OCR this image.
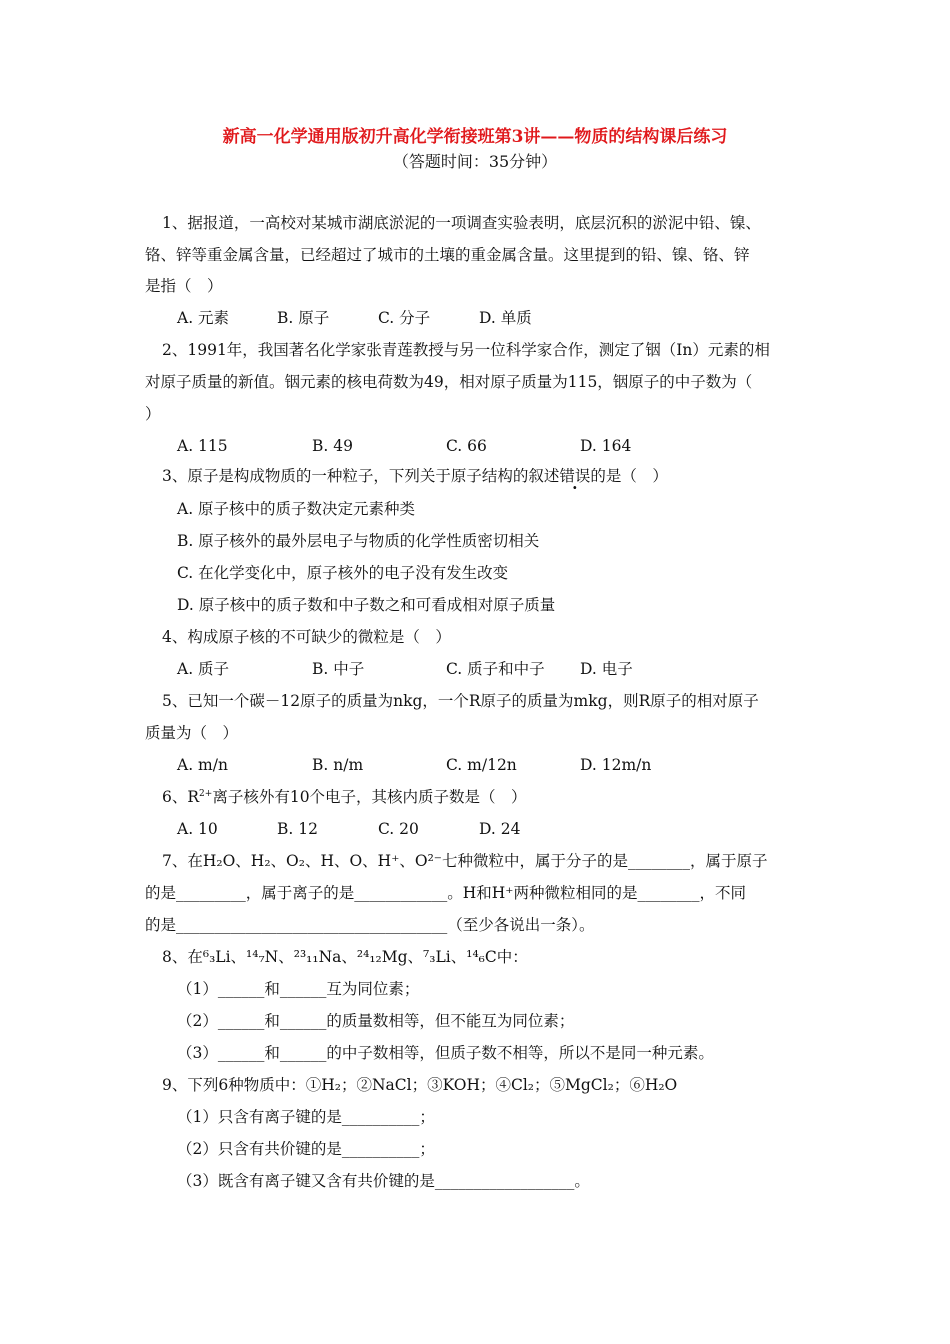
新高一化学通用版初升高化学衔接班第3讲——物质的结构课后练习
（答题时间：35分钟）
1、据报道，一高校对某城市湖底淤泥的一项调查实验表明，底层沉积的淤泥中铅、镍、
铬、锌等重金属含量，已经超过了城市的土壤的重金属含量。这里提到的铅、镍、铬、锌
是指（　）
A. 元素	B. 原子	C. 分子	D. 单质
2、1991年，我国著名化学家张青莲教授与另一位科学家合作，测定了铟（In）元素的相
对原子质量的新值。铟元素的核电荷数为49，相对原子质量为115，铟原子的中子数为（
）
A. 115	B. 49	C. 66	D. 164
3、原子是构成物质的一种粒子，下列关于原子结构的叙述错误的是（　）
A. 原子核中的质子数决定元素种类
B. 原子核外的最外层电子与物质的化学性质密切相关
C. 在化学变化中，原子核外的电子没有发生改变
D. 原子核中的质子数和中子数之和可看成相对原子质量
4、构成原子核的不可缺少的微粒是（　）
A. 质子	B. 中子	C. 质子和中子 D. 电子
5、已知一个碳－12原子的质量为nkg，一个R原子的质量为mkg，则R原子的相对原子
质量为（　）
A. m/n	B. n/m	C. m/12n	D. 12m/n
6、$R^{2+}$离子核外有10个电子，其核内质子数是（　）
A. 10	B. 12	C. 20	D. 24
7、在H₂O、H₂、O₂、H、O、H⁺、O²⁻七种微粒中，属于分子的是________，属于原子
的是_________，属于离子的是____________。H和H⁺两种微粒相同的是________，不同
的是___________________________________（至少各说出一条）。
8、在⁶₃Li、¹⁴₇N、²³₁₁Na、²⁴₁₂Mg、⁷₃Li、¹⁴₆C中：
（1）______和______互为同位素；
（2）______和______的质量数相等，但不能互为同位素；
（3）______和______的中子数相等，但质子数不相等，所以不是同一种元素。
9、下列6种物质中：①H₂；②NaCl；③KOH；④Cl₂；⑤MgCl₂；⑥H₂O
（1）只含有离子键的是__________；
（2）只含有共价键的是__________；
（3）既含有离子键又含有共价键的是__________________。
